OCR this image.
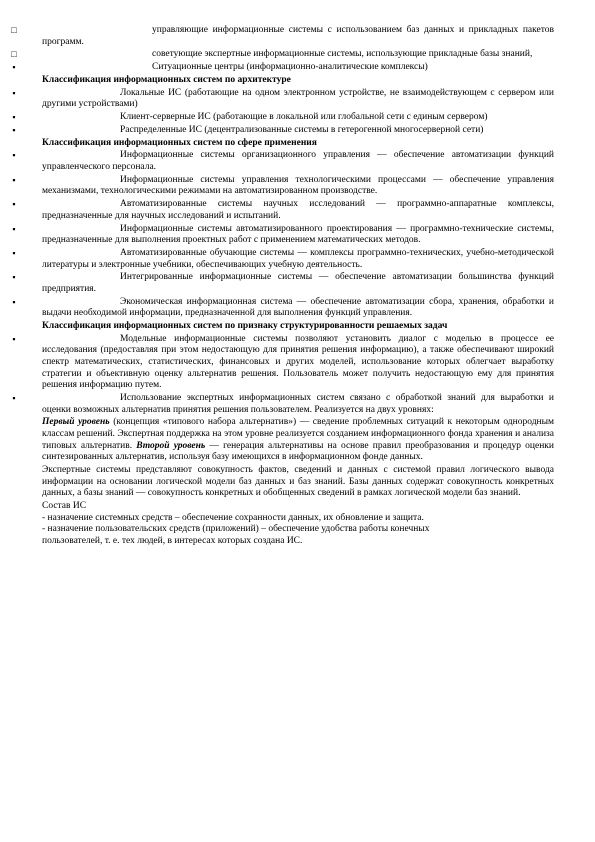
□	управляющие информационные системы с использованием баз данных и прикладных пакетов программ.
□	советующие экспертные информационные системы, использующие прикладные базы знаний,
▪	Ситуационные центры (информационно-аналитические комплексы)
Классификация информационных систем по архитектуре
▪	Локальные ИС (работающие на одном электронном устройстве, не взаимодействующем с сервером или другими устройствами)
▪	Клиент-серверные ИС (работающие в локальной или глобальной сети с единым сервером)
▪	Распределенные ИС (децентрализованные системы в гетерогенной многосерверной сети)
Классификация информационных систем по сфере применения
▪	Информационные системы организационного управления — обеспечение автоматизации функций управленческого персонала.
▪	Информационные системы управления технологическими процессами — обеспечение управления механизмами, технологическими режимами на автоматизированном производстве.
▪	Автоматизированные системы научных исследований — программно-аппаратные комплексы, предназначенные для научных исследований и испытаний.
▪	Информационные системы автоматизированного проектирования — программно-технические системы, предназначенные для выполнения проектных работ с применением математических методов.
▪	Автоматизированные обучающие системы — комплексы программно-технических, учебно-методической литературы и электронные учебники, обеспечивающих учебную деятельность.
▪	Интегрированные информационные системы — обеспечение автоматизации большинства функций предприятия.
▪	Экономическая информационная система — обеспечение автоматизации сбора, хранения, обработки и выдачи необходимой информации, предназначенной для выполнения функций управления.
Классификация информационных систем по признаку структурированности решаемых задач
▪	Модельные информационные системы позволяют установить диалог с моделью в процессе ее исследования (предоставляя при этом недостающую для принятия решения информацию), а также обеспечивают широкий спектр математических, статистических, финансовых и других моделей, использование которых облегчает выработку стратегии и объективную оценку альтернатив решения. Пользователь может получить недостающую ему для принятия решения информацию путем.
▪	Использование экспертных информационных систем связано с обработкой знаний для выработки и оценки возможных альтернатив принятия решения пользователем. Реализуется на двух уровнях:

Первый уровень (концепция «типового набора альтернатив») — сведение проблемных ситуаций к некоторым однородным классам решений. Экспертная поддержка на этом уровне реализуется созданием информационного фонда хранения и анализа типовых альтернатив. Второй уровень — генерация альтернативы на основе правил преобразования и процедур оценки синтезированных альтернатив, используя базу имеющихся в информационном фонде данных.

Экспертные системы представляют совокупность фактов, сведений и данных с системой правил логического вывода информации на основании логической модели баз данных и баз знаний. Базы данных содержат совокупность конкретных данных, а базы знаний — совокупность конкретных и обобщенных сведений в рамках логической модели баз знаний.

Состав ИС
- назначение системных средств – обеспечение сохранности данных, их обновление и защита.
- назначение пользовательских средств (приложений) – обеспечение удобства работы конечных
пользователей, т. е. тех людей, в интересах которых создана ИС.
